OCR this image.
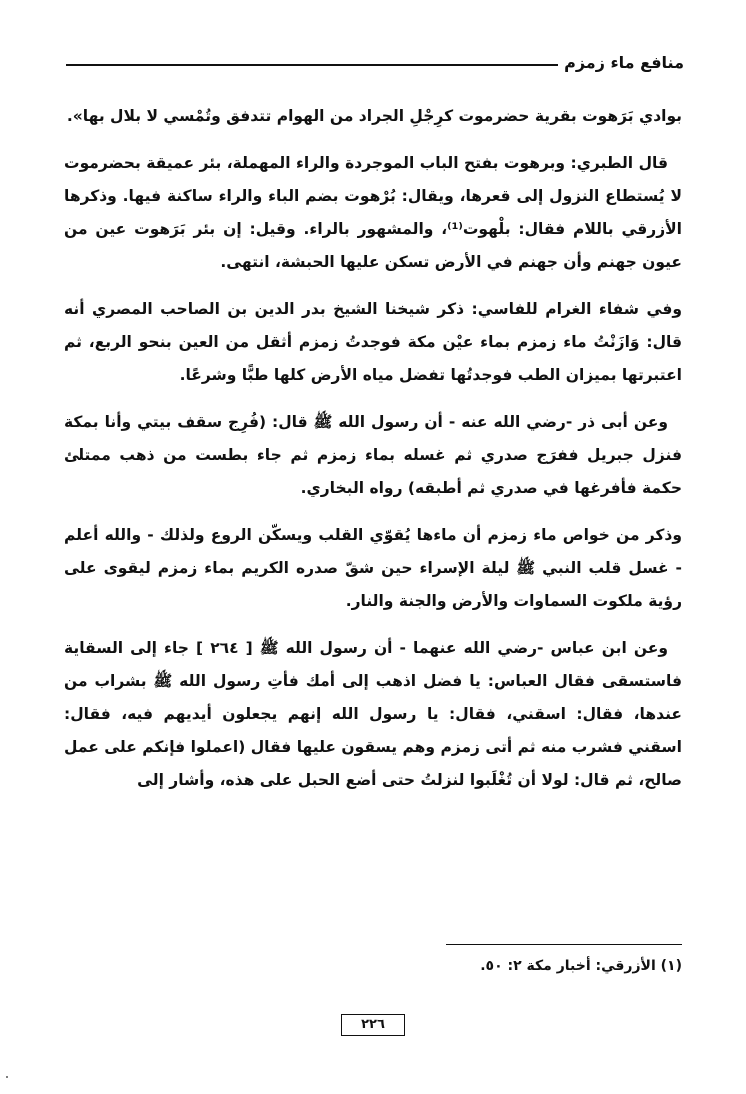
منافع ماء زمزم

بوادي بَرَهوت بقرية حضرموت كرِجْلِ الجراد من الهوام تتدفق وتُمْسي لا بلال بها».

قال الطبري: وبرهوت بفتح الباب الموجردة والراء المهملة، بئر عميقة بحضرموت لا يُستطاع النزول إلى قعرها، ويقال: بُرْهوت بضم الباء والراء ساكنة فيها. وذكرها الأزرقي باللام فقال: بلْهوت⁽¹⁾، والمشهور بالراء. وقيل: إن بئر بَرَهوت عين من عيون جهنم وأن جهنم في الأرض تسكن عليها الحبشة، انتهى.

وفي شفاء الغرام للفاسي: ذكر شيخنا الشيخ بدر الدين بن الصاحب المصري أنه قال: وَازَنْتُ ماء زمزم بماء عيْن مكة فوجدتُ زمزم أثقل من العين بنحو الربع، ثم اعتبرتها بميزان الطب فوجدتُها تفضل مياه الأرض كلها طبًّا وشرعًا.

وعن أبى ذر -رضي الله عنه - أن رسول الله ﷺ قال: (فُرِج سقف بيتي وأنا بمكة فنزل جبريل ففرَج صدري ثم غسله بماء زمزم ثم جاء بطست من ذهب ممتلئ حكمة فأفرغها في صدري ثم أطبقه) رواه البخاري.

وذكر من خواص ماء زمزم أن ماءها يُقوّي القلب ويسكّن الروع ولذلك - والله أعلم - غسل قلب النبي ﷺ ليلة الإسراء حين شقّ صدره الكريم بماء زمزم ليقوى على رؤية ملكوت السماوات والأرض والجنة والنار.

وعن ابن عباس -رضي الله عنهما - أن رسول الله ﷺ [ ٢٦٤ ] جاء إلى السقاية فاستسقى فقال العباس: يا فضل اذهب إلى أمك فأتِ رسول الله ﷺ بشراب من عندها، فقال: اسقني، فقال: يا رسول الله إنهم يجعلون أيديهم فيه، فقال: اسقني فشرب منه ثم أتى زمزم وهم يسقون عليها فقال (اعملوا فإنكم على عمل صالح، ثم قال: لولا أن تُغْلَبوا لنزلتُ حتى أضع الحبل على هذه، وأشار إلى

(١) الأزرقي: أخبار مكة ٢: ٥٠.
٢٢٦
